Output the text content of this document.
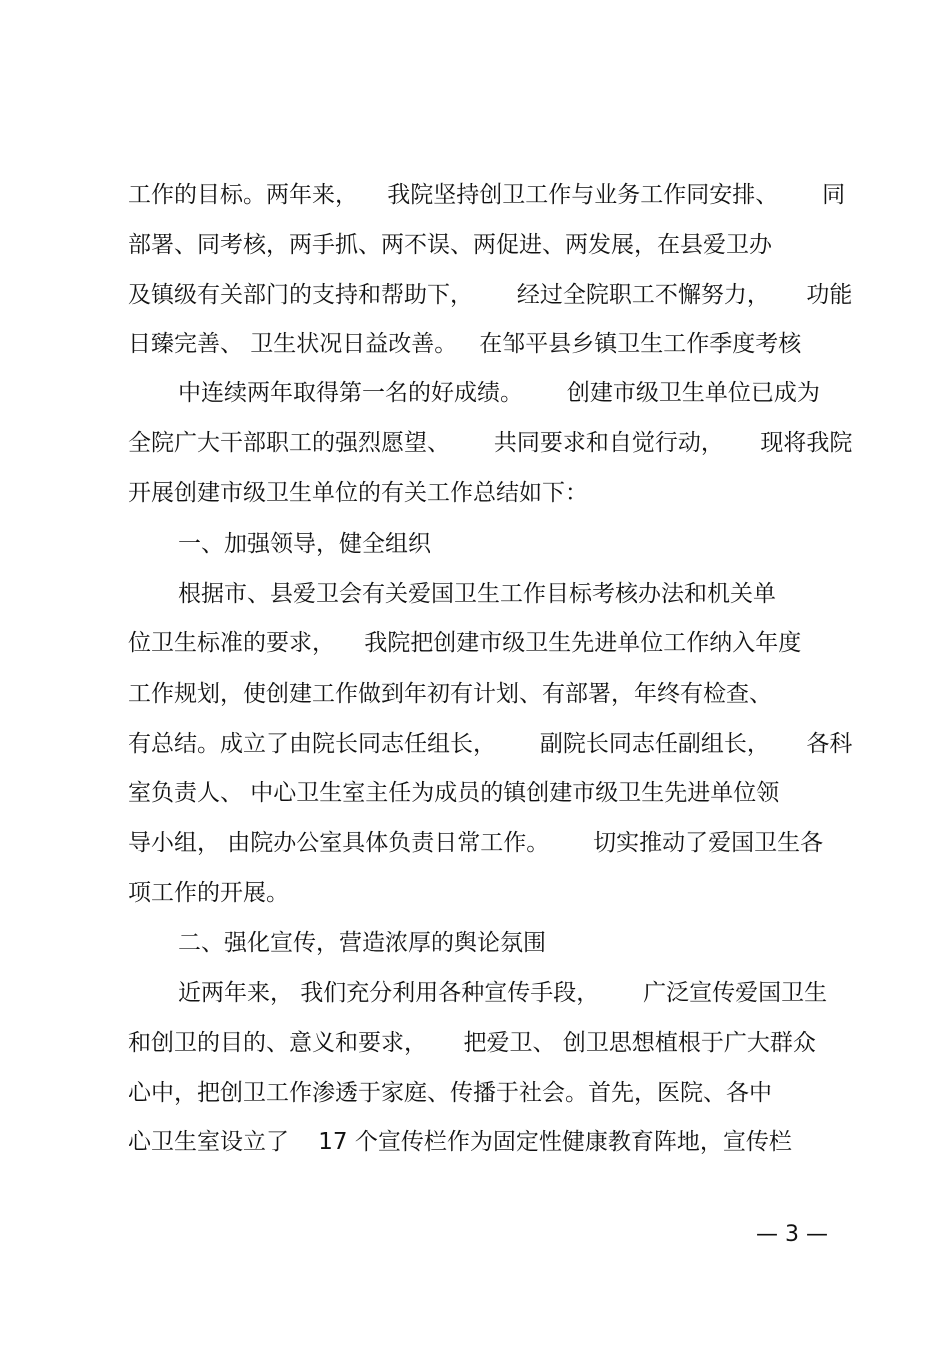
工作的目标。两年来，    我院坚持创卫工作与业务工作同安排、      同
部署、同考核，两手抓、两不误、两促进、两发展，在县爱卫办
及镇级有关部门的支持和帮助下，      经过全院职工不懈努力，     功能
日臻完善、 卫生状况日益改善。   在邹平县乡镇卫生工作季度考核
中连续两年取得第一名的好成绩。      创建市级卫生单位已成为
全院广大干部职工的强烈愿望、      共同要求和自觉行动，     现将我院
开展创建市级卫生单位的有关工作总结如下：
一、加强领导，健全组织
根据市、县爱卫会有关爱国卫生工作目标考核办法和机关单
位卫生标准的要求，    我院把创建市级卫生先进单位工作纳入年度
工作规划，使创建工作做到年初有计划、有部署，年终有检查、
有总结。成立了由院长同志任组长，      副院长同志任副组长，     各科
室负责人、 中心卫生室主任为成员的镇创建市级卫生先进单位领
导小组， 由院办公室具体负责日常工作。      切实推动了爱国卫生各
项工作的开展。
二、强化宣传，营造浓厚的舆论氛围
近两年来， 我们充分利用各种宣传手段，      广泛宣传爱国卫生
和创卫的目的、意义和要求，     把爱卫、 创卫思想植根于广大群众
心中，把创卫工作渗透于家庭、传播于社会。首先，医院、各中
心卫生室设立了    17 个宣传栏作为固定性健康教育阵地，宣传栏
— 3 —
